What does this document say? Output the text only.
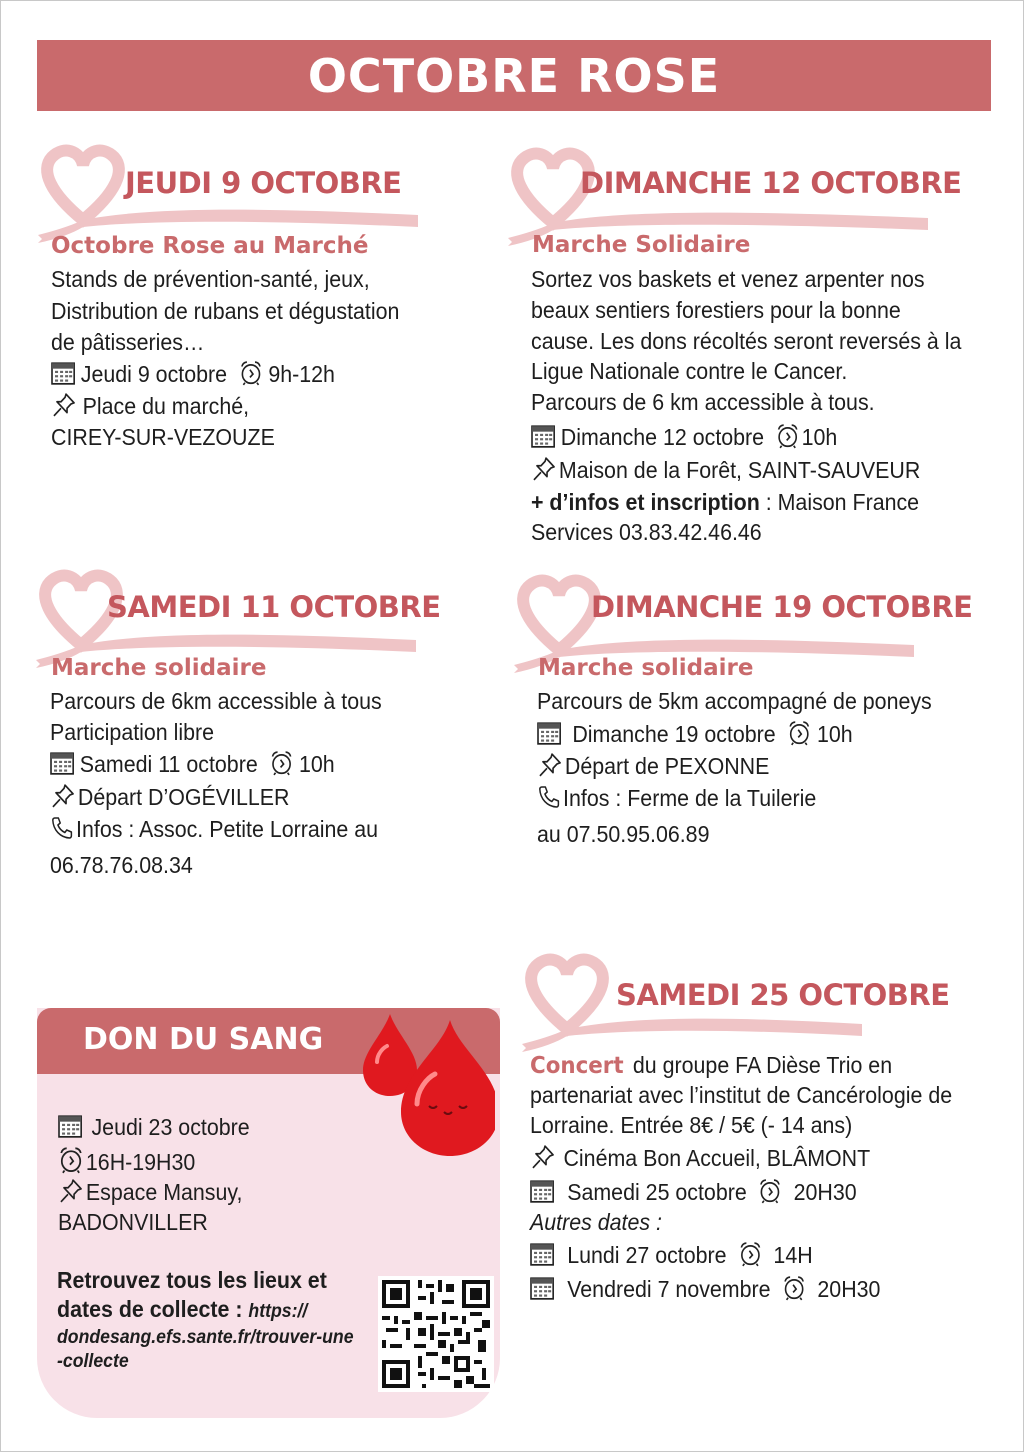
OCTOBRE ROSE
JEUDI 9 OCTOBRE
Octobre Rose au Marché
Stands de prévention-santé, jeux,
Distribution de rubans et dégustation
de pâtisseries…
Jeudi 9 octobre 9h-12h
Place du marché,
CIREY-SUR-VEZOUZE
DIMANCHE 12 OCTOBRE
Marche Solidaire
Sortez vos baskets et venez arpenter nos
beaux sentiers forestiers pour la bonne
cause. Les dons récoltés seront reversés à la
Ligue Nationale contre le Cancer.
Parcours de 6 km accessible à tous.
Dimanche 12 octobre 10h
Maison de la Forêt, SAINT-SAUVEUR
+ d’infos et inscription : Maison France
Services 03.83.42.46.46
SAMEDI 11 OCTOBRE
Marche solidaire
Parcours de 6km accessible à tous
Participation libre
Samedi 11 octobre 10h
Départ D’OGÉVILLER
Infos : Assoc. Petite Lorraine au
06.78.76.08.34
DIMANCHE 19 OCTOBRE
Marche solidaire
Parcours de 5km accompagné de poneys
Dimanche 19 octobre 10h
Départ de PEXONNE
Infos : Ferme de la Tuilerie
au 07.50.95.06.89
SAMEDI 25 OCTOBRE
Concert du groupe FA Dièse Trio en
partenariat avec l’institut de Cancérologie de
Lorraine. Entrée 8€ / 5€ (- 14 ans)
Cinéma Bon Accueil, BLÂMONT
Samedi 25 octobre 20H30
Autres dates :
Lundi 27 octobre 14H
Vendredi 7 novembre 20H30
DON DU SANG
Jeudi 23 octobre
16H-19H30
Espace Mansuy,
BADONVILLER
Retrouvez tous les lieux et
dates de collecte : https://
dondesang.efs.sante.fr/trouver-une
-collecte
